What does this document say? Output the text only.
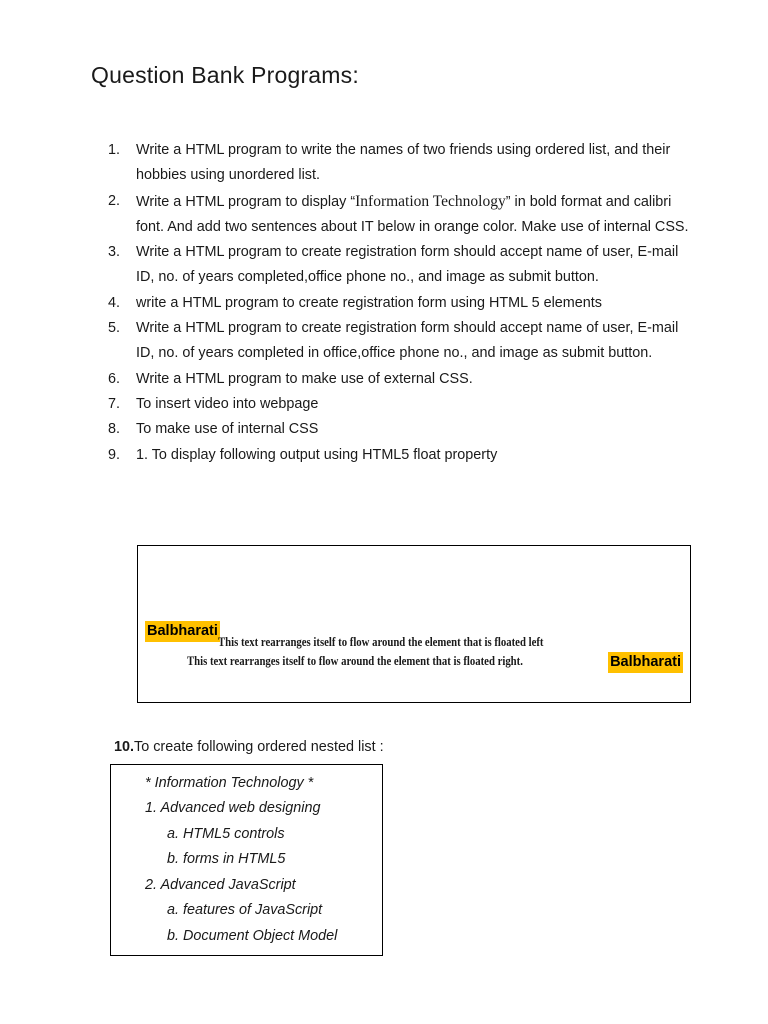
Question Bank Programs:
1.	Write a HTML program to write the names of two friends using ordered list, and their hobbies using unordered list.
2.	Write a HTML program to display “Information Technology” in bold format and calibri font. And add two sentences about IT below in orange color. Make use of internal CSS.
3.	Write a HTML program to create registration form should accept name of user, E-mail ID, no. of years completed,office phone no., and image as submit button.
4.	write a HTML program to create registration form using HTML 5 elements
5.	Write a HTML program to create registration form should accept name of user, E-mail ID, no. of years completed in office,office phone no., and image as submit button.
6.	Write a HTML program to make use of external CSS.
7.	To insert video into webpage
8.	To make use of internal CSS
9.	1. To display following output using HTML5 float property
Balbharati
This text rearranges itself to flow around the element that is floated left
This text rearranges itself to flow around the element that is floated right.	Balbharati
10.To create following ordered nested list :
* Information Technology *
1. Advanced web designing
a. HTML5 controls
b. forms in HTML5
2. Advanced JavaScript
a. features of JavaScript
b. Document Object Model
